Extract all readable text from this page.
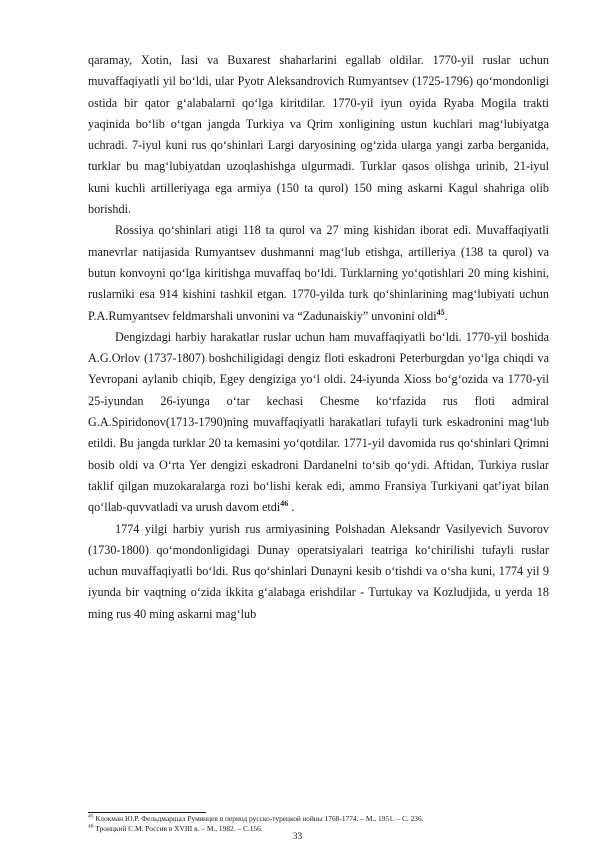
qaramay, Xotin, Iasi va Buxarest shaharlarini egallab oldilar. 1770-yil ruslar uchun muvaffaqiyatli yil bo‘ldi, ular Pyotr Aleksandrovich Rumyantsev (1725-1796) qo‘mondonligi ostida bir qator g‘alabalarni qo‘lga kiritdilar. 1770-yil iyun oyida Ryaba Mogila trakti yaqinida bo‘lib o‘tgan jangda Turkiya va Qrim xonligining ustun kuchlari mag‘lubiyatga uchradi. 7-iyul kuni rus qo‘shinlari Largi daryosining og‘zida ularga yangi zarba berganida, turklar bu mag‘lubiyatdan uzoqlashishga ulgurmadi. Turklar qasos olishga urinib, 21-iyul kuni kuchli artilleriyaga ega armiya (150 ta qurol) 150 ming askarni Kagul shahriga olib borishdi.

Rossiya qo‘shinlari atigi 118 ta qurol va 27 ming kishidan iborat edi. Muvaffaqiyatli manevrlar natijasida Rumyantsev dushmanni mag‘lub etishga, artilleriya (138 ta qurol) va butun konvoyni qo‘lga kiritishga muvaffaq bo‘ldi. Turklarning yo‘qotishlari 20 ming kishini, ruslarniki esa 914 kishini tashkil etgan. 1770-yilda turk qo‘shinlarining mag‘lubiyati uchun P.A.Rumyantsev feldmarshali unvonini va “Zadunaiskiy” unvonini oldi$^{45}$.

Dengizdagi harbiy harakatlar ruslar uchun ham muvaffaqiyatli bo‘ldi. 1770-yil boshida A.G.Orlov (1737-1807) boshchiligidagi dengiz floti eskadroni Peterburgdan yo‘lga chiqdi va Yevropani aylanib chiqib, Egey dengiziga yo‘l oldi. 24-iyunda Xioss bo‘g‘ozida va 1770-yil 25-iyundan 26-iyunga o‘tar kechasi Chesme ko‘rfazida rus floti admiral G.A.Spiridonov(1713-1790)ning muvaffaqiyatli harakatlari tufayli turk eskadronini mag‘lub etildi. Bu jangda turklar 20 ta kemasini yo‘qotdilar. 1771-yil davomida rus qo‘shinlari Qrimni bosib oldi va O‘rta Yer dengizi eskadroni Dardanelni to‘sib qo‘ydi. Aftidan, Turkiya ruslar taklif qilgan muzokaralarga rozi bo‘lishi kerak edi, ammo Fransiya Turkiyani qat’iyat bilan qo‘llab-quvvatladi va urush davom etdi$^{46}$ .

1774 yilgi harbiy yurish rus armiyasining Polshadan Aleksandr Vasilyevich Suvorov (1730-1800) qo‘mondonligidagi Dunay operatsiyalari teatriga ko‘chirilishi tufayli ruslar uchun muvaffaqiyatli bo‘ldi. Rus qo‘shinlari Dunayni kesib o‘tishdi va o‘sha kuni, 1774 yil 9 iyunda bir vaqtning o‘zida ikkita g‘alabaga erishdilar - Turtukay va Kozludjida, u yerda 18 ming rus 40 ming askarni mag‘lub

$^{45}$ Клокман Ю.Р. Фельдмаршал Румянцев в период русско-турецкой войны 1768-1774. – М., 1951. – С. 236.

$^{46}$ Троицкий С.М. Россия в XVIII в. – М., 1982. – С.156.

33
